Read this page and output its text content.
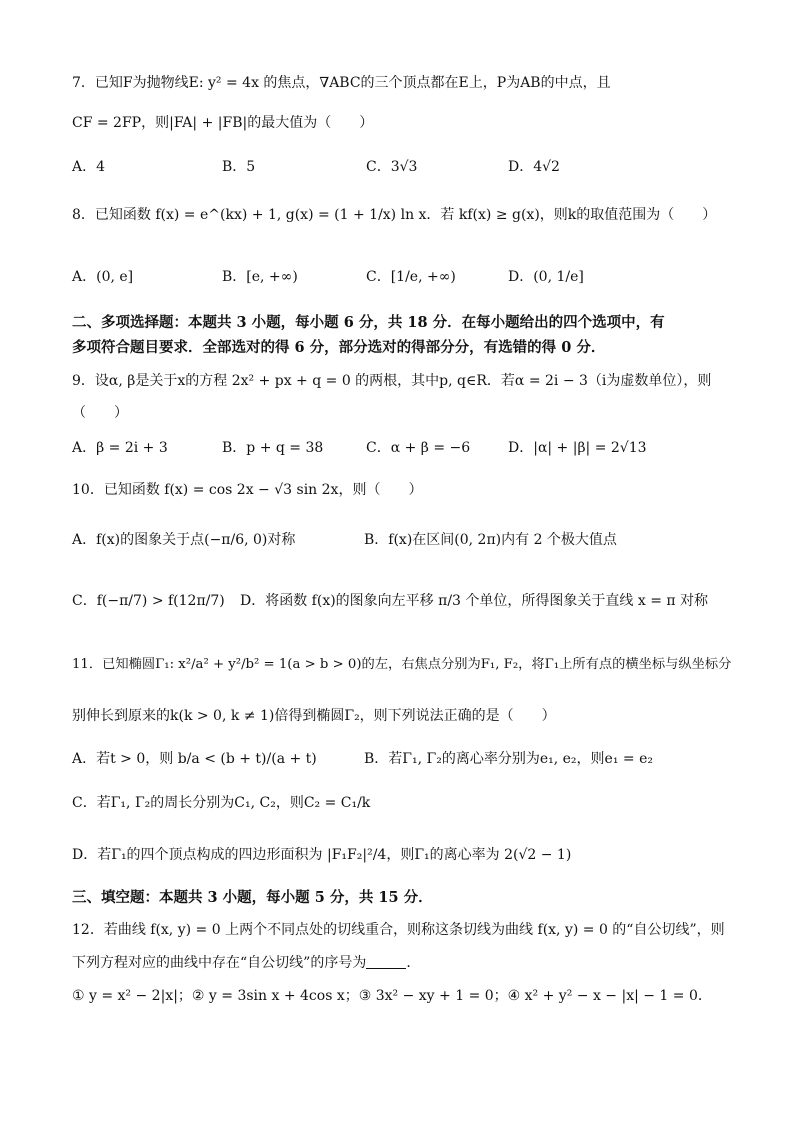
7．已知F为抛物线E: y² = 4x 的焦点，∇ABC的三个顶点都在E上，P为AB的中点，且
CF = 2FP，则|FA| + |FB|的最大值为（　　）
A．4	B．5	C．3√3	D．4√2
8．已知函数 f(x) = e^(kx) + 1, g(x) = (1 + 1/x) ln x．若 kf(x) ≥ g(x)，则k的取值范围为（　　）
A．(0, e]	B．[e, +∞)	C．[1/e, +∞)	D．(0, 1/e]
二、多项选择题：本题共 3 小题，每小题 6 分，共 18 分．在每小题给出的四个选项中，有
多项符合题目要求．全部选对的得 6 分，部分选对的得部分分，有选错的得 0 分．
9．设α, β是关于x的方程 2x² + px + q = 0 的两根，其中p, q∈R．若α = 2i − 3（i为虚数单位），则
（　　）
A．β = 2i + 3	B．p + q = 38	C．α + β = −6	D．|α| + |β| = 2√13
10．已知函数 f(x) = cos 2x − √3 sin 2x，则（　　）
A．f(x)的图象关于点(−π/6, 0)对称	B．f(x)在区间(0, 2π)内有 2 个极大值点
C．f(−π/7) > f(12π/7) D．将函数 f(x)的图象向左平移 π/3 个单位，所得图象关于直线 x = π 对称
11．已知椭圆Γ₁: x²/a² + y²/b² = 1(a > b > 0)的左，右焦点分别为F₁, F₂，将Γ₁上所有点的横坐标与纵坐标分
别伸长到原来的k(k > 0, k ≠ 1)倍得到椭圆Γ₂，则下列说法正确的是（　　）
A．若t > 0，则 b/a < (b + t)/(a + t)	B．若Γ₁, Γ₂的离心率分别为e₁, e₂，则e₁ = e₂
C．若Γ₁, Γ₂的周长分别为C₁, C₂，则C₂ = C₁/k
D．若Γ₁的四个顶点构成的四边形面积为 |F₁F₂|²/4，则Γ₁的离心率为 2(√2 − 1)
三、填空题：本题共 3 小题，每小题 5 分，共 15 分．
12．若曲线 f(x, y) = 0 上两个不同点处的切线重合，则称这条切线为曲线 f(x, y) = 0 的“自公切线”，则
下列方程对应的曲线中存在“自公切线”的序号为	．
① y = x² − 2|x|；② y = 3sin x + 4cos x；③ 3x² − xy + 1 = 0；④ x² + y² − x − |x| − 1 = 0．
